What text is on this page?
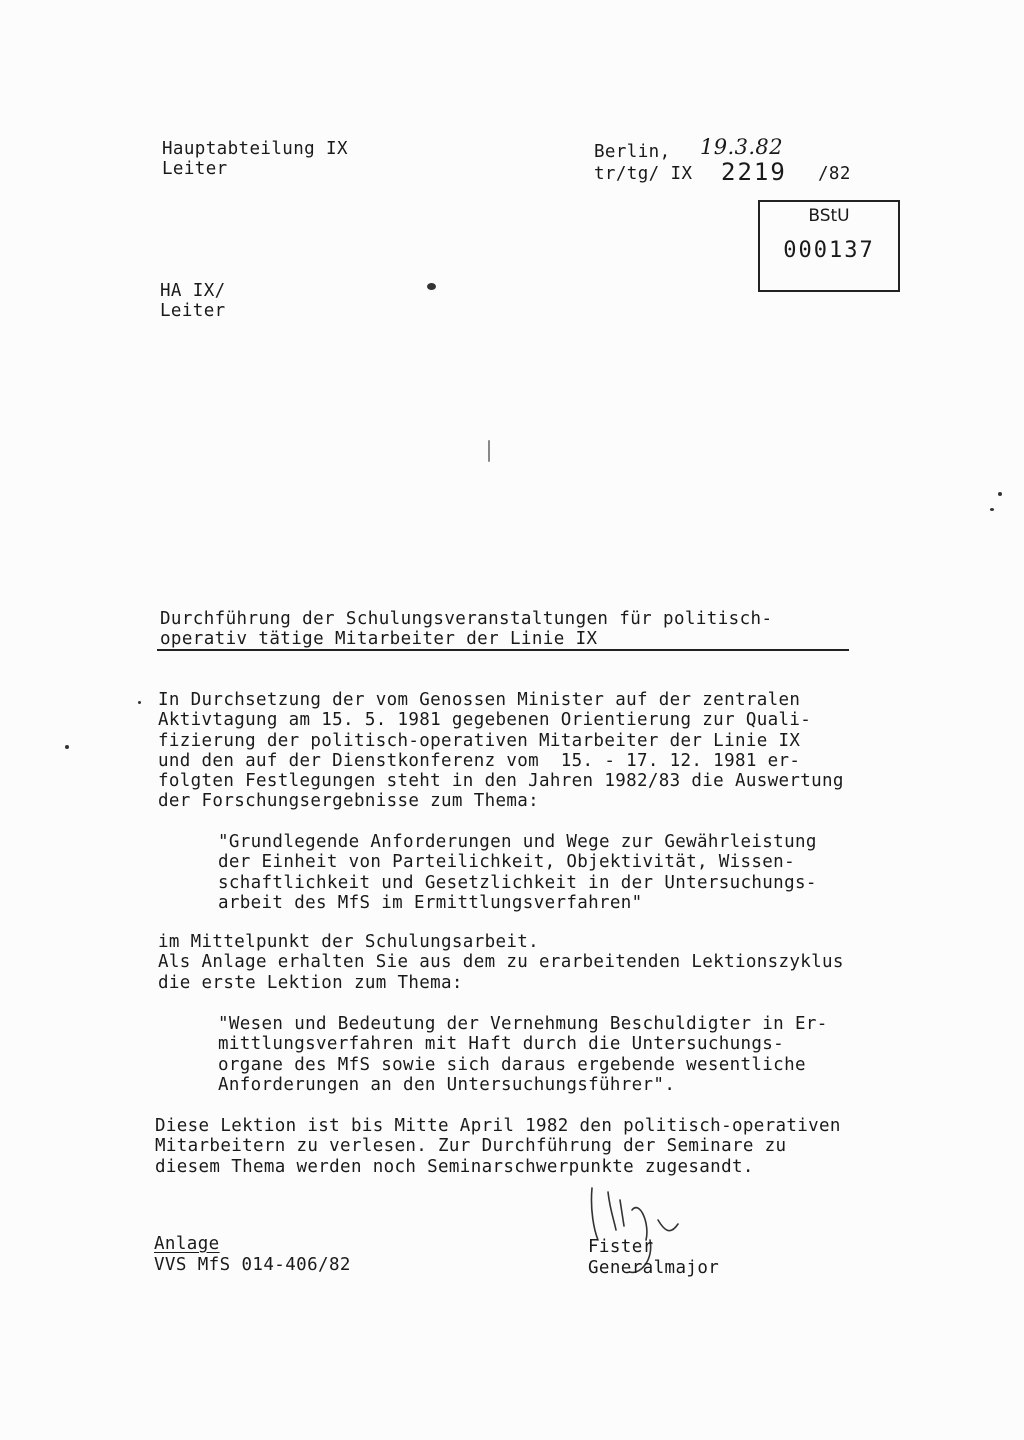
Hauptabteilung IX
Leiter
Berlin, 19.3.82
tr/tg/ IX 2219 /82
BStU
000137
HA IX/
Leiter
Durchführung der Schulungsveranstaltungen für politisch-
operativ tätige Mitarbeiter der Linie IX
In Durchsetzung der vom Genossen Minister auf der zentralen
Aktivtagung am 15. 5. 1981 gegebenen Orientierung zur Quali-
fizierung der politisch-operativen Mitarbeiter der Linie IX
und den auf der Dienstkonferenz vom  15. - 17. 12. 1981 er-
folgten Festlegungen steht in den Jahren 1982/83 die Auswertung
der Forschungsergebnisse zum Thema:
"Grundlegende Anforderungen und Wege zur Gewährleistung
der Einheit von Parteilichkeit, Objektivität, Wissen-
schaftlichkeit und Gesetzlichkeit in der Untersuchungs-
arbeit des MfS im Ermittlungsverfahren"
im Mittelpunkt der Schulungsarbeit.
Als Anlage erhalten Sie aus dem zu erarbeitenden Lektionszyklus
die erste Lektion zum Thema:
"Wesen und Bedeutung der Vernehmung Beschuldigter in Er-
mittlungsverfahren mit Haft durch die Untersuchungs-
organe des MfS sowie sich daraus ergebende wesentliche
Anforderungen an den Untersuchungsführer".
Diese Lektion ist bis Mitte April 1982 den politisch-operativen
Mitarbeitern zu verlesen. Zur Durchführung der Seminare zu
diesem Thema werden noch Seminarschwerpunkte zugesandt.
Anlage
VVS MfS 014-406/82
Fister
Generalmajor
